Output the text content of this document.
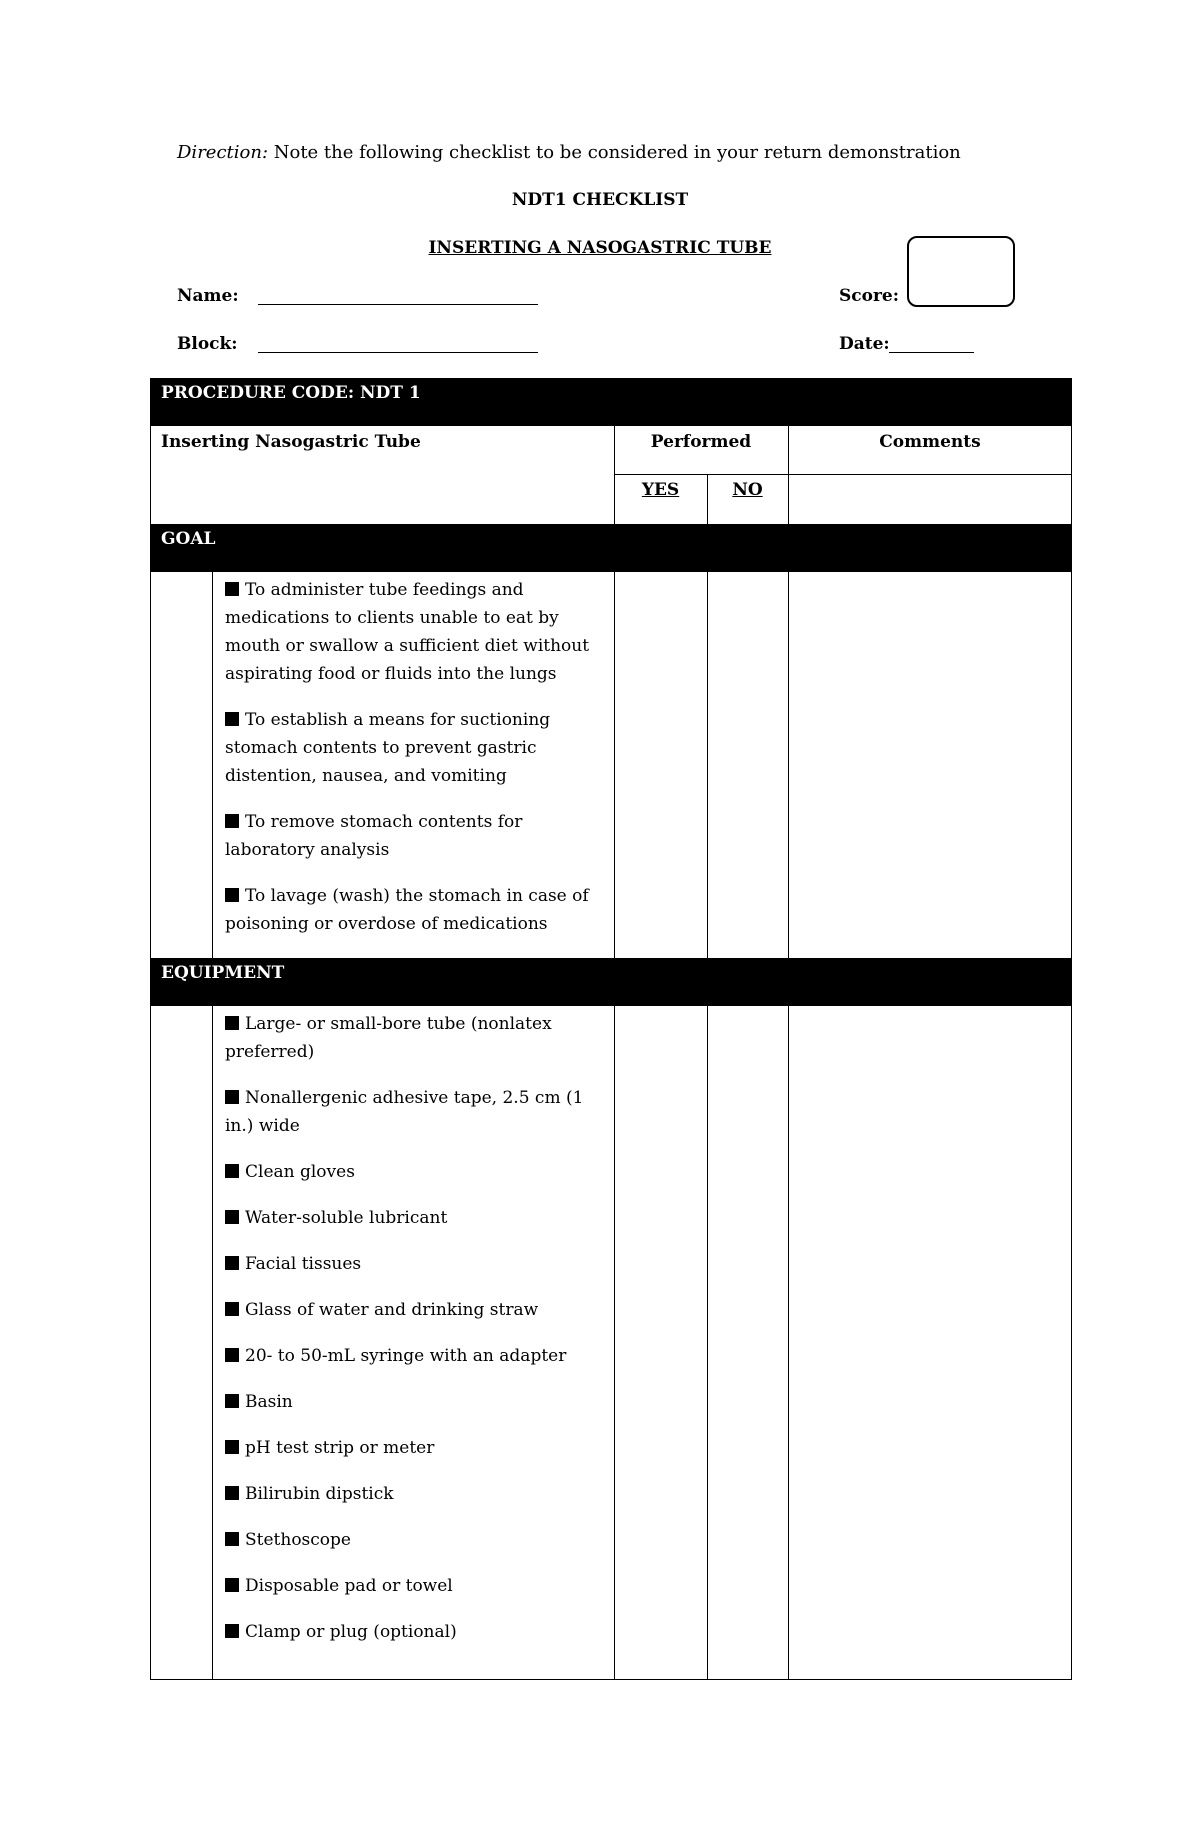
Direction: Note the following checklist to be considered in your return demonstration
NDT1 CHECKLIST
INSERTING A NASOGASTRIC TUBE
Name:
Block:
Score:
Date:
PROCEDURE CODE: NDT 1
GOAL
EQUIPMENT
Inserting Nasogastric Tube	Performed	Comments
YES	NO
To administer tube feedings and medications to clients unable to eat by mouth or swallow a sufficient diet without aspirating food or fluids into the lungs
To establish a means for suctioning stomach contents to prevent gastric distention, nausea, and vomiting
To remove stomach contents for laboratory analysis
To lavage (wash) the stomach in case of poisoning or overdose of medications
Large- or small-bore tube (nonlatex preferred)
Nonallergenic adhesive tape, 2.5 cm (1 in.) wide
Clean gloves
Water-soluble lubricant
Facial tissues
Glass of water and drinking straw
20- to 50-mL syringe with an adapter
Basin
pH test strip or meter
Bilirubin dipstick
Stethoscope
Disposable pad or towel
Clamp or plug (optional)
